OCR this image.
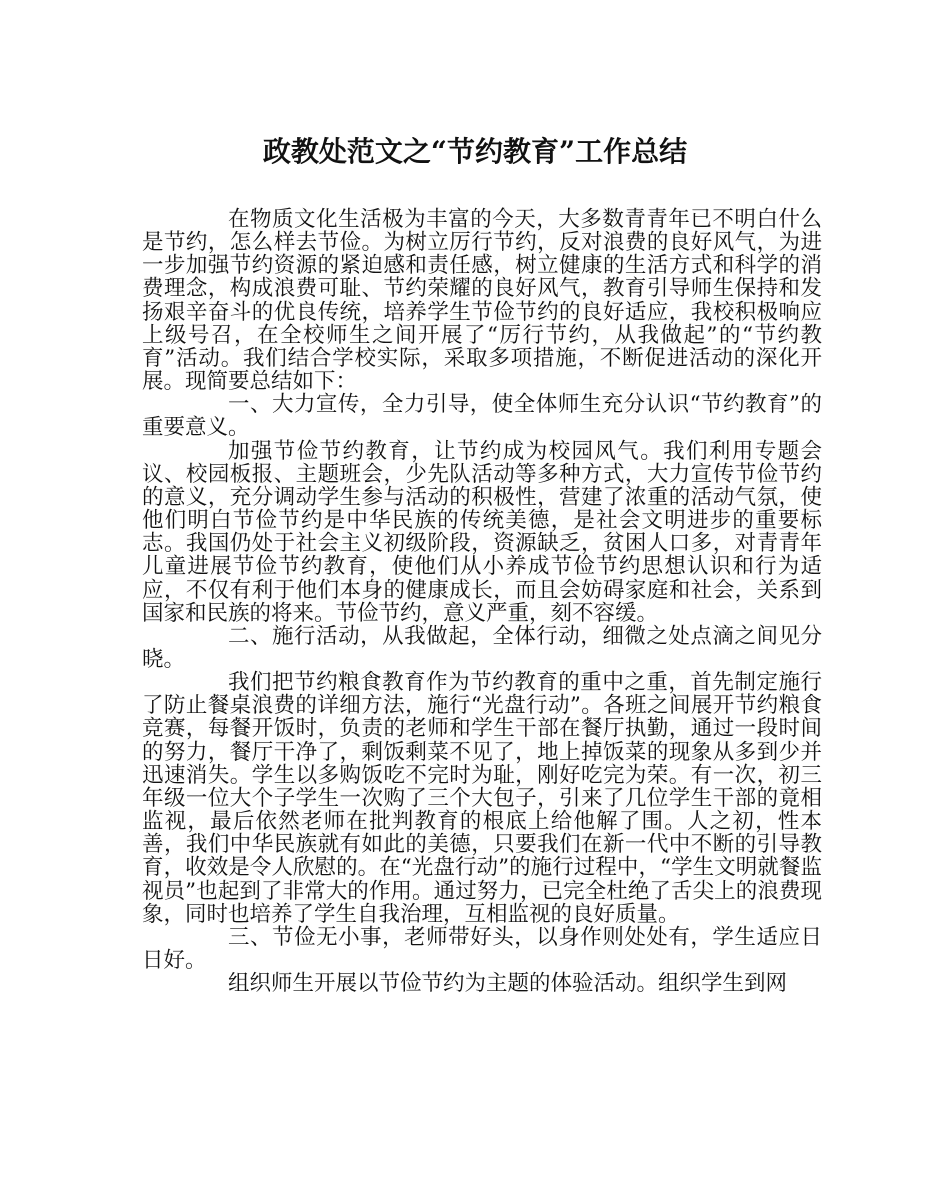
政教处范文之“节约教育”工作总结

在物质文化生活极为丰富的今天，大多数青青年已不明白什么是节约，怎么样去节俭。为树立厉行节约，反对浪费的良好风气，为进一步加强节约资源的紧迫感和责任感，树立健康的生活方式和科学的消费理念，构成浪费可耻、节约荣耀的良好风气，教育引导师生保持和发扬艰辛奋斗的优良传统，培养学生节俭节约的良好适应，我校积极响应上级号召，在全校师生之间开展了“厉行节约，从我做起”的“节约教育”活动。我们结合学校实际，采取多项措施，不断促进活动的深化开展。现简要总结如下：

一、大力宣传，全力引导，使全体师生充分认识“节约教育”的重要意义。

加强节俭节约教育，让节约成为校园风气。我们利用专题会议、校园板报、主题班会，少先队活动等多种方式，大力宣传节俭节约的意义，充分调动学生参与活动的积极性，营建了浓重的活动气氛，使他们明白节俭节约是中华民族的传统美德，是社会文明进步的重要标志。我国仍处于社会主义初级阶段，资源缺乏，贫困人口多，对青青年儿童进展节俭节约教育，使他们从小养成节俭节约思想认识和行为适应，不仅有利于他们本身的健康成长，而且会妨碍家庭和社会，关系到国家和民族的将来。节俭节约，意义严重，刻不容缓。

二、施行活动，从我做起，全体行动，细微之处点滴之间见分晓。

我们把节约粮食教育作为节约教育的重中之重，首先制定施行了防止餐桌浪费的详细方法，施行“光盘行动”。各班之间展开节约粮食竞赛，每餐开饭时，负责的老师和学生干部在餐厅执勤，通过一段时间的努力，餐厅干净了，剩饭剩菜不见了，地上掉饭菜的现象从多到少并迅速消失。学生以多购饭吃不完时为耻，刚好吃完为荣。有一次，初三年级一位大个子学生一次购了三个大包子，引来了几位学生干部的竟相监视，最后依然老师在批判教育的根底上给他解了围。人之初，性本善，我们中华民族就有如此的美德，只要我们在新一代中不断的引导教育，收效是令人欣慰的。在“光盘行动”的施行过程中，“学生文明就餐监视员”也起到了非常大的作用。通过努力，已完全杜绝了舌尖上的浪费现象，同时也培养了学生自我治理，互相监视的良好质量。

三、节俭无小事，老师带好头，以身作则处处有，学生适应日日好。

组织师生开展以节俭节约为主题的体验活动。组织学生到网
